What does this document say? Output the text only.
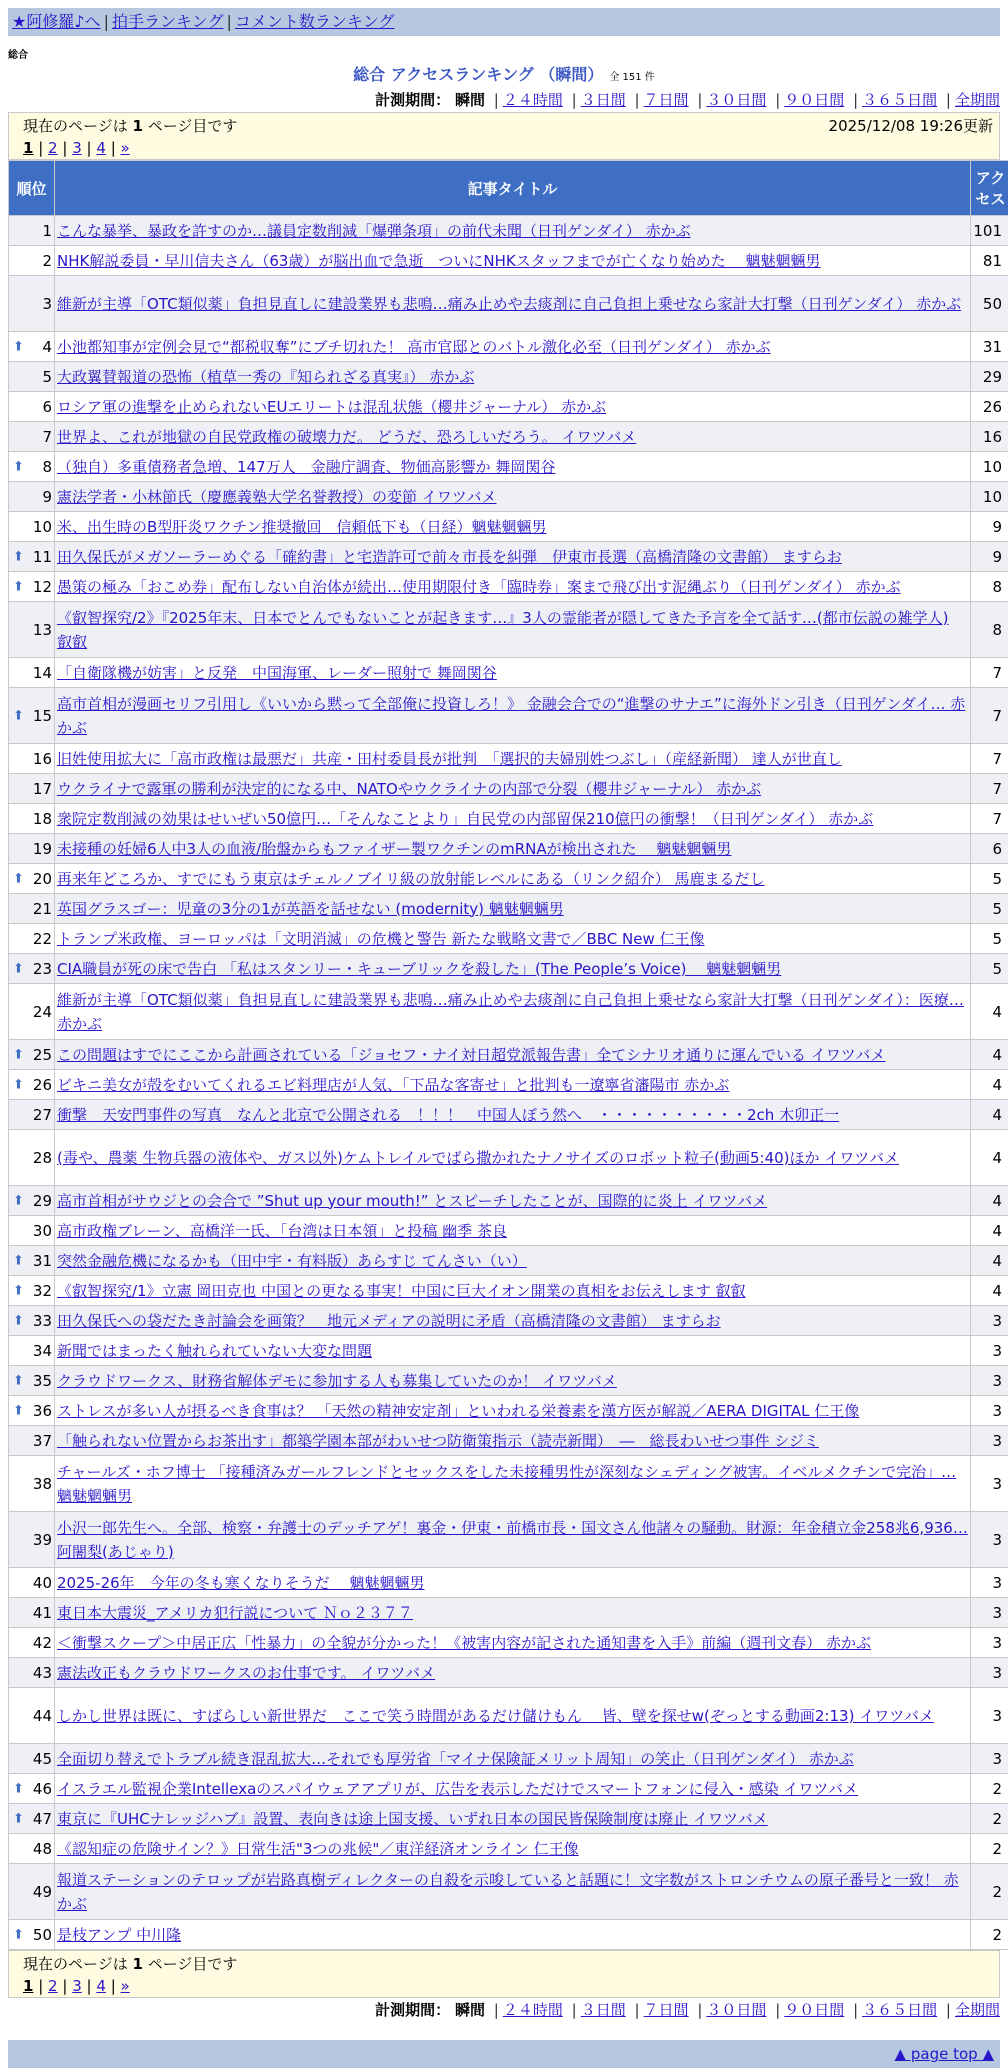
★阿修羅♪へ | 拍手ランキング | コメント数ランキング
総合
総合 アクセスランキング （瞬間） 全 151 件
計測期間： 瞬間 | ２４時間 | ３日間 | ７日間 | ３０日間 | ９０日間 | ３６５日間 | 全期間
現在のページは 1 ページ目です	2025/12/08 19:26更新
1 | 2 | 3 | 4 | »
順位	記事タイトル	アクセス
1	こんな暴挙、暴政を許すのか…議員定数削減「爆弾条項」の前代未聞（日刊ゲンダイ） 赤かぶ	101
2	NHK解説委員・早川信夫さん（63歳）が脳出血で急逝　ついにNHKスタッフまでが亡くなり始めた　 魑魅魍魎男	81
3	維新が主導「OTC類似薬」負担見直しに建設業界も悲鳴…痛み止めや去痰剤に自己負担上乗せなら家計大打撃（日刊ゲンダイ） 赤かぶ	50

⬆ 4	小池都知事が定例会見で“都税収奪”にブチ切れた！ 高市官邸とのバトル激化必至（日刊ゲンダイ） 赤かぶ	31
5	大政翼賛報道の恐怖（植草一秀の『知られざる真実』） 赤かぶ	29
6	ロシア軍の進撃を止められないEUエリートは混乱状態（櫻井ジャーナル） 赤かぶ	26
7	世界よ、これが地獄の自民党政権の破壊力だ。 どうだ、恐ろしいだろう。 イワツバメ	16

⬆ 8	（独自）多重債務者急増、147万人　金融庁調査、物価高影響か 舞岡関谷	10
9	憲法学者・小林節氏（慶應義塾大学名誉教授）の変節 イワツバメ	10
10	米、出生時のB型肝炎ワクチン推奨撤回　信頼低下も（日経）魑魅魍魎男	9

⬆ 11	田久保氏がメガソーラーめぐる「確約書」と宅造許可で前々市長を糾弾　伊東市長選（高橋清隆の文書館） ますらお	9

⬆ 12	愚策の極み「おこめ券」配布しない自治体が続出…使用期限付き「臨時券」案まで飛び出す泥縄ぶり（日刊ゲンダイ） 赤かぶ	8
13	《叡智探究/2》『2025年末、日本でとんでもないことが起きます…』3人の霊能者が隠してきた予言を全て話す…(都市伝説の雑学人) 叡叡	8
14	「自衛隊機が妨害」と反発　中国海軍、レーダー照射で 舞岡関谷	7

⬆ 15	高市首相が漫画セリフ引用し《いいから黙って全部俺に投資しろ！》 金融会合での“進撃のサナエ”に海外ドン引き（日刊ゲンダイ… 赤かぶ	7
16	旧姓使用拡大に「高市政権は最悪だ」共産・田村委員長が批判　「選択的夫婦別姓つぶし」（産経新聞） 達人が世直し	7
17	ウクライナで露軍の勝利が決定的になる中、NATOやウクライナの内部で分裂（櫻井ジャーナル） 赤かぶ	7
18	衆院定数削減の効果はせいぜい50億円…「そんなことより」自民党の内部留保210億円の衝撃！（日刊ゲンダイ） 赤かぶ	7
19	未接種の妊婦6人中3人の血液/胎盤からもファイザー製ワクチンのmRNAが検出された　 魑魅魍魎男	6

⬆ 20	再来年どころか、すでにもう東京はチェルノブイリ級の放射能レベルにある（リンク紹介） 馬鹿まるだし	5
21	英国グラスゴー：児童の3分の1が英語を話せない (modernity) 魑魅魍魎男	5
22	トランプ米政権、ヨーロッパは「文明消滅」の危機と警告 新たな戦略文書で／BBC New 仁王像	5

⬆ 23	CIA職員が死の床で告白 「私はスタンリー・キューブリックを殺した」(The People’s Voice)　 魑魅魍魎男	5
24	維新が主導「OTC類似薬」負担見直しに建設業界も悲鳴…痛み止めや去痰剤に自己負担上乗せなら家計大打撃（日刊ゲンダイ）：医療… 赤かぶ	4

⬆ 25	この問題はすでにここから計画されている「ジョセフ・ナイ対日超党派報告書」全てシナリオ通りに運んでいる イワツバメ	4

⬆ 26	ビキニ美女が殻をむいてくれるエビ料理店が人気、「下品な客寄せ」と批判も一遼寧省瀋陽市 赤かぶ	4
27	衝撃　天安門事件の写真　なんと北京で公開される　！！！　中国人ぼう然へ　・・・・・・・・・・2ch 木卯正一	4
28	(毒や、農薬 生物兵器の液体や、ガス以外)ケムトレイルでばら撒かれたナノサイズのロボット粒子(動画5:40)ほか イワツバメ	4

⬆ 29	高市首相がサウジとの会合で ”Shut up your mouth!” とスピーチしたことが、国際的に炎上 イワツバメ	4
30	高市政権ブレーン、高橋洋一氏、「台湾は日本領」と投稿 幽季 茶良	4

⬆ 31	突然金融危機になるかも（田中宇・有料版）あらすじ てんさい（い）	4

⬆ 32	《叡智探究/1》立憲 岡田克也 中国との更なる事実！中国に巨大イオン開業の真相をお伝えします 叡叡	4

⬆ 33	田久保氏への袋だたき討論会を画策？　地元メディアの説明に矛盾（高橋清隆の文書館） ますらお	3
34	新聞ではまったく触れられていない大変な問題	3

⬆ 35	クラウドワークス、財務省解体デモに参加する人も募集していたのか！ イワツバメ	3

⬆ 36	ストレスが多い人が摂るべき食事は？ 「天然の精神安定剤」といわれる栄養素を漢方医が解説／AERA DIGITAL 仁王像	3
37	「触られない位置からお茶出す」都築学園本部がわいせつ防衛策指示（読売新聞）　―　総長わいせつ事件 シジミ	3
38	チャールズ・ホフ博士 「接種済みガールフレンドとセックスをした未接種男性が深刻なシェディング被害。イベルメクチンで完治」… 魑魅魍魎男	3
39	小沢一郎先生へ。全部、検察・弁護士のデッチアゲ！裏金・伊東・前橋市長・国文さん他諸々の騒動。財源：年金積立金258兆6,936… 阿闍梨(あじゃり)	3
40	2025-26年　今年の冬も寒くなりそうだ　 魑魅魍魎男	3
41	東日本大震災_アメリカ犯行説について Ｎｏ２３７７	3
42	＜衝撃スクープ＞中居正広「性暴力」の全貌が分かった！《被害内容が記された通知書を入手》前編（週刊文春） 赤かぶ	3
43	憲法改正もクラウドワークスのお仕事です。 イワツバメ	3
44	しかし世界は既に、すばらしい新世界だ　ここで笑う時間があるだけ儲けもん　 皆、壁を探せw(ぞっとする動画2:13) イワツバメ	3
45	全面切り替えでトラブル続き混乱拡大…それでも厚労省「マイナ保険証メリット周知」の笑止（日刊ゲンダイ） 赤かぶ	3

⬆ 46	イスラエル監視企業Intellexaのスパイウェアアプリが、広告を表示しただけでスマートフォンに侵入・感染 イワツバメ	2

⬆ 47	東京に『UHCナレッジハブ』設置、表向きは途上国支援、いずれ日本の国民皆保険制度は廃止 イワツバメ	2
48	《認知症の危険サイン？》日常生活"3つの兆候"／東洋経済オンライン 仁王像	2
49	報道ステーションのテロップが岩路真樹ディレクターの自殺を示唆していると話題に！文字数がストロンチウムの原子番号と一致！ 赤かぶ	2

⬆ 50	是枝アンプ 中川隆	2
現在のページは 1 ページ目です
1 | 2 | 3 | 4 | »
計測期間： 瞬間 | ２４時間 | ３日間 | ７日間 | ３０日間 | ９０日間 | ３６５日間 | 全期間
▲ page top ▲
